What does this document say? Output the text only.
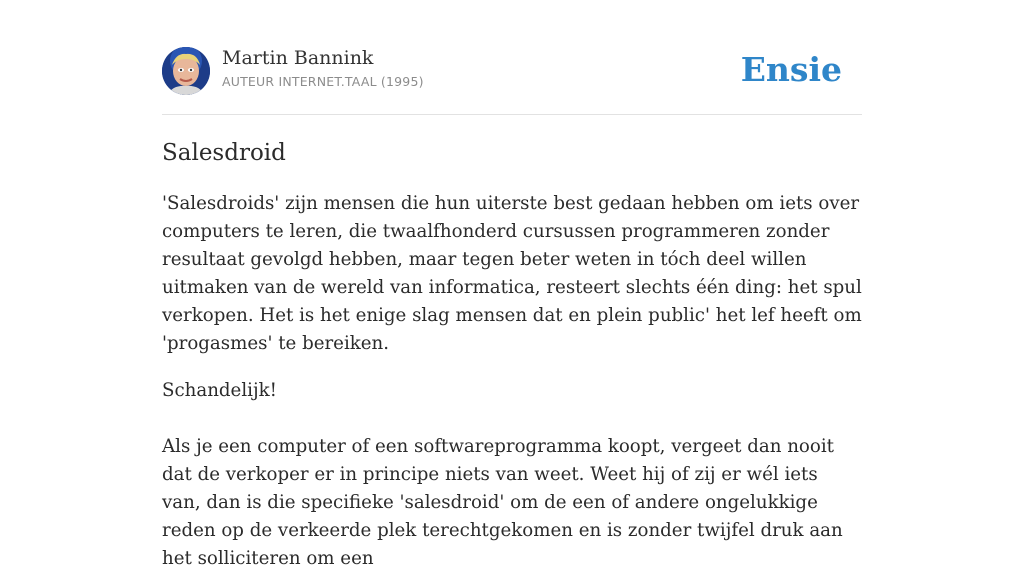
Martin Bannink
AUTEUR INTERNET.TAAL (1995)	Ensie
Salesdroid

'Salesdroids' zijn mensen die hun uiterste best gedaan hebben om iets over computers te leren, die twaalfhonderd cursussen programmeren zonder resultaat gevolgd hebben, maar tegen beter weten in tóch deel willen uitmaken van de wereld van informatica, resteert slechts één ding: het spul verkopen. Het is het enige slag mensen dat en plein public' het lef heeft om 'progasmes' te bereiken.

Schandelijk!

Als je een computer of een softwareprogramma koopt, vergeet dan nooit dat de verkoper er in principe niets van weet. Weet hij of zij er wél iets van, dan is die specifieke 'salesdroid' om de een of andere ongelukkige reden op de verkeerde plek terechtgekomen en is zonder twijfel druk aan het solliciteren om een
